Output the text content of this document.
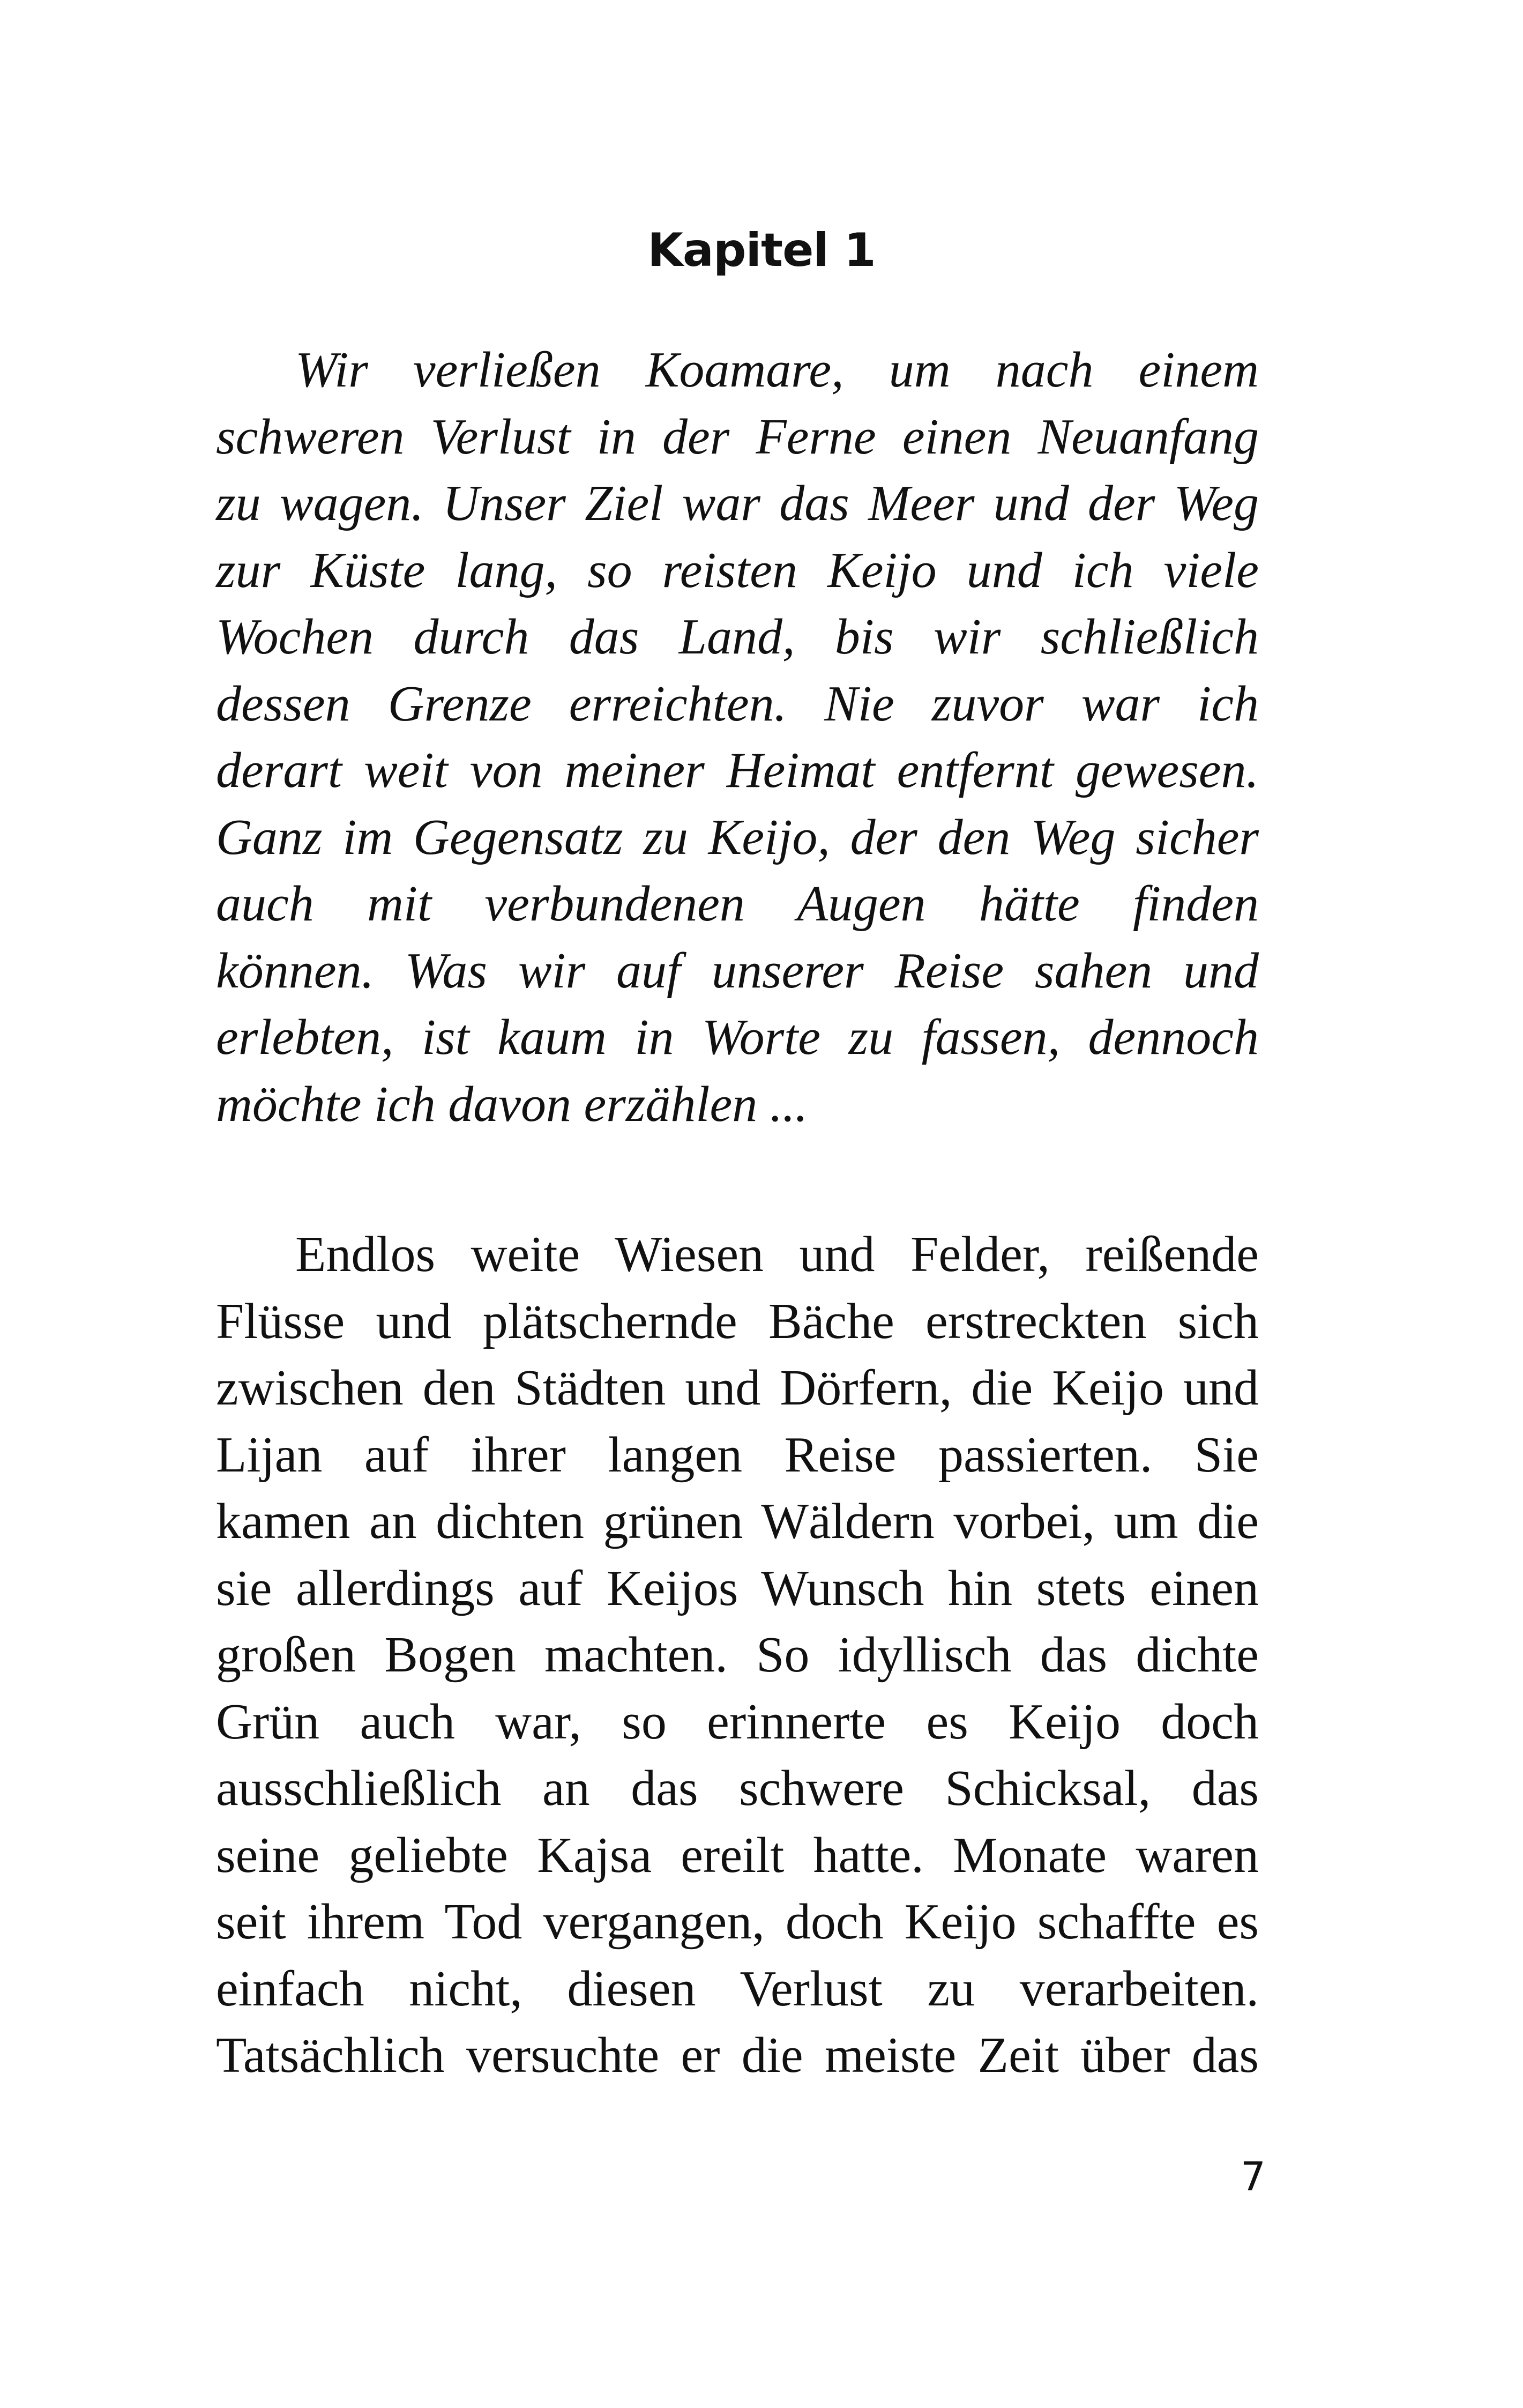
Kapitel 1
Wir verließen Koamare, um nach einem
schweren Verlust in der Ferne einen Neuanfang
zu wagen. Unser Ziel war das Meer und der Weg
zur Küste lang, so reisten Keijo und ich viele
Wochen durch das Land, bis wir schließlich
dessen Grenze erreichten. Nie zuvor war ich
derart weit von meiner Heimat entfernt gewesen.
Ganz im Gegensatz zu Keijo, der den Weg sicher
auch mit verbundenen Augen hätte finden
können. Was wir auf unserer Reise sahen und
erlebten, ist kaum in Worte zu fassen, dennoch
möchte ich davon erzählen ...
Endlos weite Wiesen und Felder, reißende
Flüsse und plätschernde Bäche erstreckten sich
zwischen den Städten und Dörfern, die Keijo und
Lijan auf ihrer langen Reise passierten. Sie
kamen an dichten grünen Wäldern vorbei, um die
sie allerdings auf Keijos Wunsch hin stets einen
großen Bogen machten. So idyllisch das dichte
Grün auch war, so erinnerte es Keijo doch
ausschließlich an das schwere Schicksal, das
seine geliebte Kajsa ereilt hatte. Monate waren
seit ihrem Tod vergangen, doch Keijo schaffte es
einfach nicht, diesen Verlust zu verarbeiten.
Tatsächlich versuchte er die meiste Zeit über das
7
